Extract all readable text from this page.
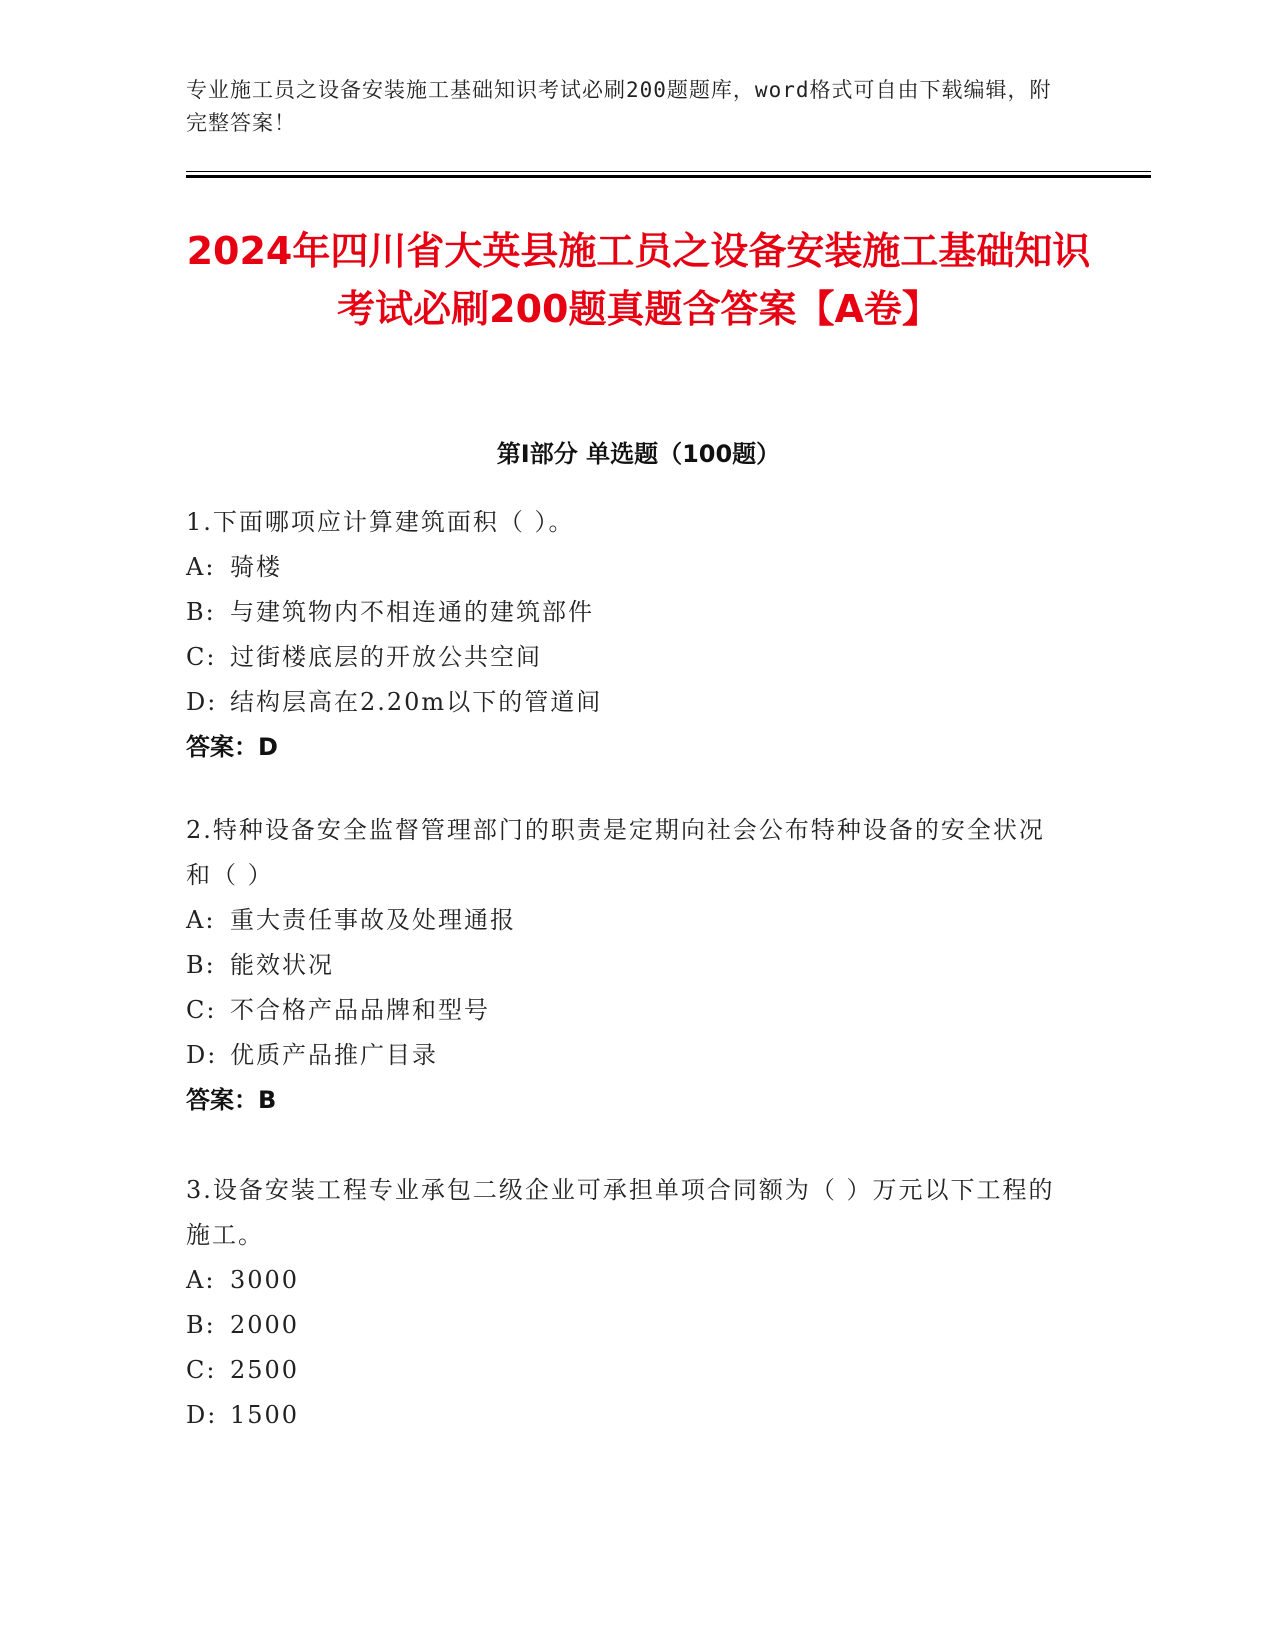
专业施工员之设备安装施工基础知识考试必刷200题题库，word格式可自由下载编辑，附完整答案！
2024年四川省大英县施工员之设备安装施工基础知识考试必刷200题真题含答案【A卷】
第I部分 单选题（100题）
1.下面哪项应计算建筑面积（ ）。
A: 骑楼
B: 与建筑物内不相连通的建筑部件
C: 过街楼底层的开放公共空间
D: 结构层高在2.20m以下的管道间
答案：D
2.特种设备安全监督管理部门的职责是定期向社会公布特种设备的安全状况和（ ）
A: 重大责任事故及处理通报
B: 能效状况
C: 不合格产品品牌和型号
D: 优质产品推广目录
答案：B
3.设备安装工程专业承包二级企业可承担单项合同额为（ ）万元以下工程的施工。
A: 3000
B: 2000
C: 2500
D: 1500
